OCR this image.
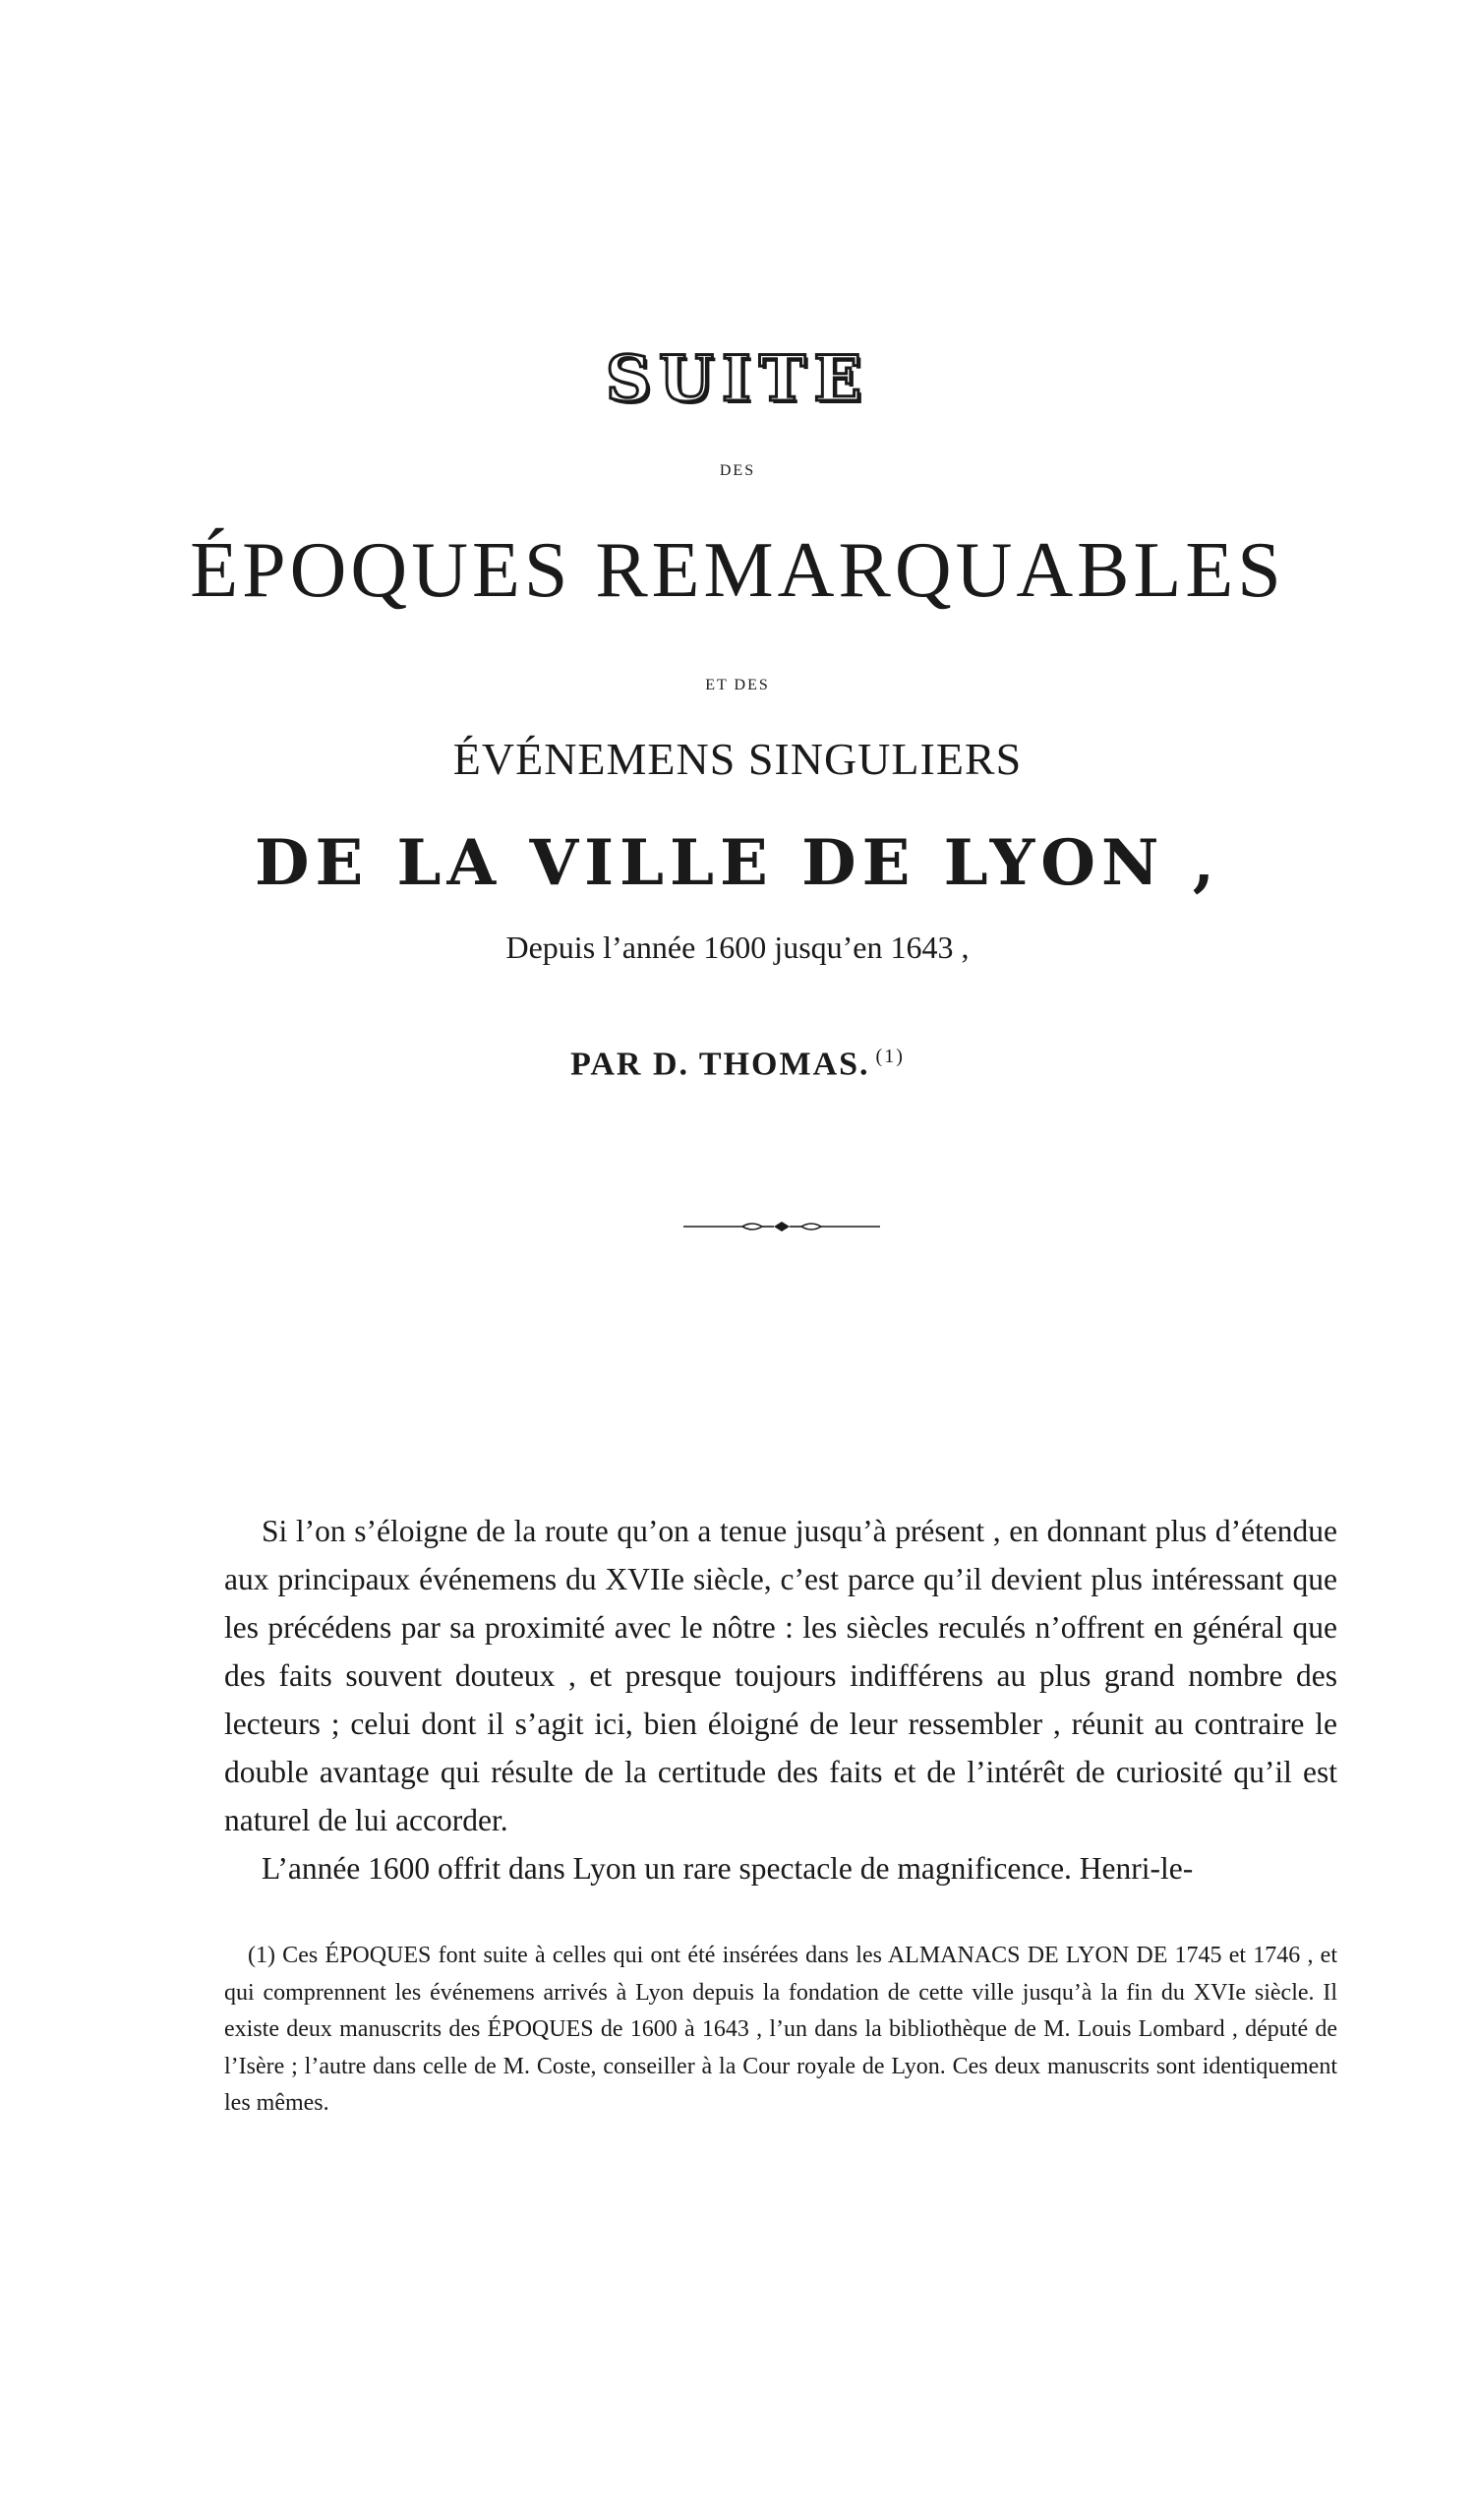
SUITE
DES
ÉPOQUES REMARQUABLES
ET DES
ÉVÉNEMENS SINGULIERS
DE LA VILLE DE LYON ,
Depuis l’année 1600 jusqu’en 1643 ,
PAR D. THOMAS. $^{(1)}$

Si l’on s’éloigne de la route qu’on a tenue jusqu’à présent , en donnant plus d’étendue aux principaux événemens du XVIIe siècle, c’est parce qu’il devient plus intéressant que les précédens par sa proximité avec le nôtre : les siècles reculés n’offrent en général que des faits souvent douteux , et presque toujours indifférens au plus grand nombre des lecteurs ; celui dont il s’agit ici, bien éloigné de leur ressembler , réunit au contraire le double avantage qui résulte de la certitude des faits et de l’intérêt de curiosité qu’il est naturel de lui accorder.

L’année 1600 offrit dans Lyon un rare spectacle de magnificence. Henri-le-

(1) Ces ÉPOQUES font suite à celles qui ont été insérées dans les ALMANACS DE LYON DE 1745 et 1746 , et qui comprennent les événemens arrivés à Lyon depuis la fondation de cette ville jusqu’à la fin du XVIe siècle. Il existe deux manuscrits des ÉPOQUES de 1600 à 1643 , l’un dans la bibliothèque de M. Louis Lombard , député de l’Isère ; l’autre dans celle de M. Coste, conseiller à la Cour royale de Lyon. Ces deux manuscrits sont identiquement les mêmes.
